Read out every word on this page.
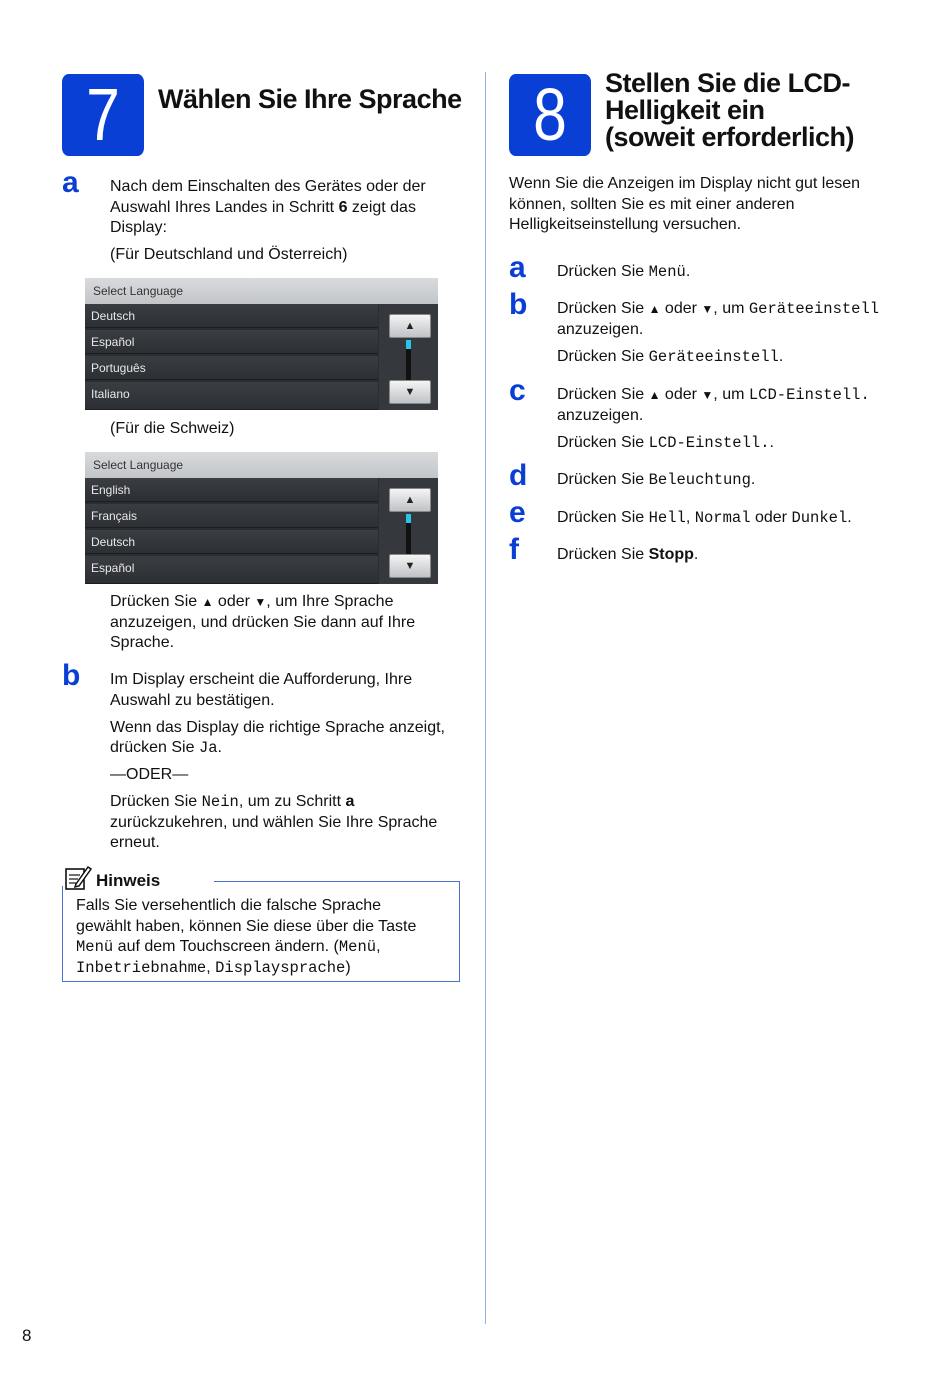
7	Wählen Sie Ihre Sprache
a Nach dem Einschalten des Gerätes oder der
Auswahl Ihres Landes in Schritt 6 zeigt das
Display:
(Für Deutschland und Österreich)
Select Language
Deutsch
Español
Português
Italiano
▲
▼
(Für die Schweiz)
Select Language
English
Français
Deutsch
Español
▲
▼
Drücken Sie ▲ oder ▼, um Ihre Sprache
anzuzeigen, und drücken Sie dann auf Ihre
Sprache.
b Im Display erscheint die Aufforderung, Ihre
Auswahl zu bestätigen.
Wenn das Display die richtige Sprache anzeigt,
drücken Sie Ja.
—ODER—
Drücken Sie Nein, um zu Schritt a
zurückzukehren, und wählen Sie Ihre Sprache
erneut.
Hinweis
Falls Sie versehentlich die falsche Sprache
gewählt haben, können Sie diese über die Taste
Menü auf dem Touchscreen ändern. (Menü,
Inbetriebnahme, Displaysprache)
8	Stellen Sie die LCD-
Helligkeit ein
(soweit erforderlich)
Wenn Sie die Anzeigen im Display nicht gut lesen
können, sollten Sie es mit einer anderen
Helligkeitseinstellung versuchen.
a Drücken Sie Menü.
b Drücken Sie ▲ oder ▼, um Geräteeinstell
anzuzeigen.
Drücken Sie Geräteeinstell.
c Drücken Sie ▲ oder ▼, um LCD-Einstell.
anzuzeigen.
Drücken Sie LCD-Einstell..
d Drücken Sie Beleuchtung.
e Drücken Sie Hell, Normal oder Dunkel.
f Drücken Sie Stopp.
8
